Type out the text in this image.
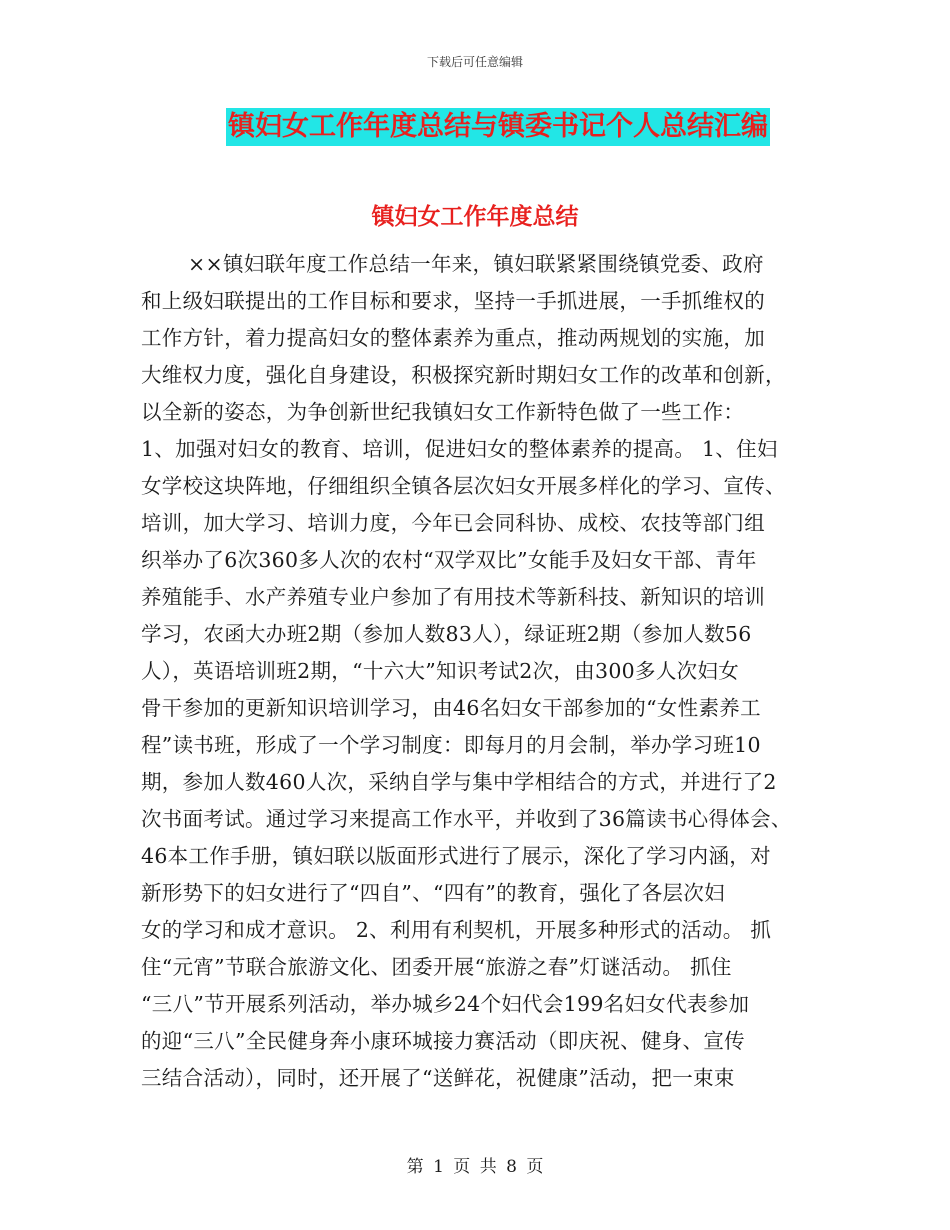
下载后可任意编辑
镇妇女工作年度总结与镇委书记个人总结汇编
镇妇女工作年度总结
××镇妇联年度工作总结一年来，镇妇联紧紧围绕镇党委、政府
和上级妇联提出的工作目标和要求，坚持一手抓进展，一手抓维权的
工作方针，着力提高妇女的整体素养为重点，推动两规划的实施，加
大维权力度，强化自身建设，积极探究新时期妇女工作的改革和创新，
以全新的姿态，为争创新世纪我镇妇女工作新特色做了一些工作：
1、加强对妇女的教育、培训，促进妇女的整体素养的提高。 1、住妇
女学校这块阵地，仔细组织全镇各层次妇女开展多样化的学习、宣传、
培训，加大学习、培训力度，今年已会同科协、成校、农技等部门组
织举办了6次360多人次的农村“双学双比”女能手及妇女干部、青年
养殖能手、水产养殖专业户参加了有用技术等新科技、新知识的培训
学习，农函大办班2期（参加人数83人），绿证班2期（参加人数56
人），英语培训班2期，“十六大”知识考试2次，由300多人次妇女
骨干参加的更新知识培训学习，由46名妇女干部参加的“女性素养工
程”读书班，形成了一个学习制度：即每月的月会制，举办学习班10
期，参加人数460人次，采纳自学与集中学相结合的方式，并进行了2
次书面考试。通过学习来提高工作水平，并收到了36篇读书心得体会、
46本工作手册，镇妇联以版面形式进行了展示，深化了学习内涵，对
新形势下的妇女进行了“四自”、“四有”的教育，强化了各层次妇
女的学习和成才意识。 2、利用有利契机，开展多种形式的活动。 抓
住“元宵”节联合旅游文化、团委开展“旅游之春”灯谜活动。 抓住
“三八”节开展系列活动，举办城乡24个妇代会199名妇女代表参加
的迎“三八”全民健身奔小康环城接力赛活动（即庆祝、健身、宣传
三结合活动），同时，还开展了“送鲜花，祝健康”活动，把一束束
第 1 页 共 8 页
